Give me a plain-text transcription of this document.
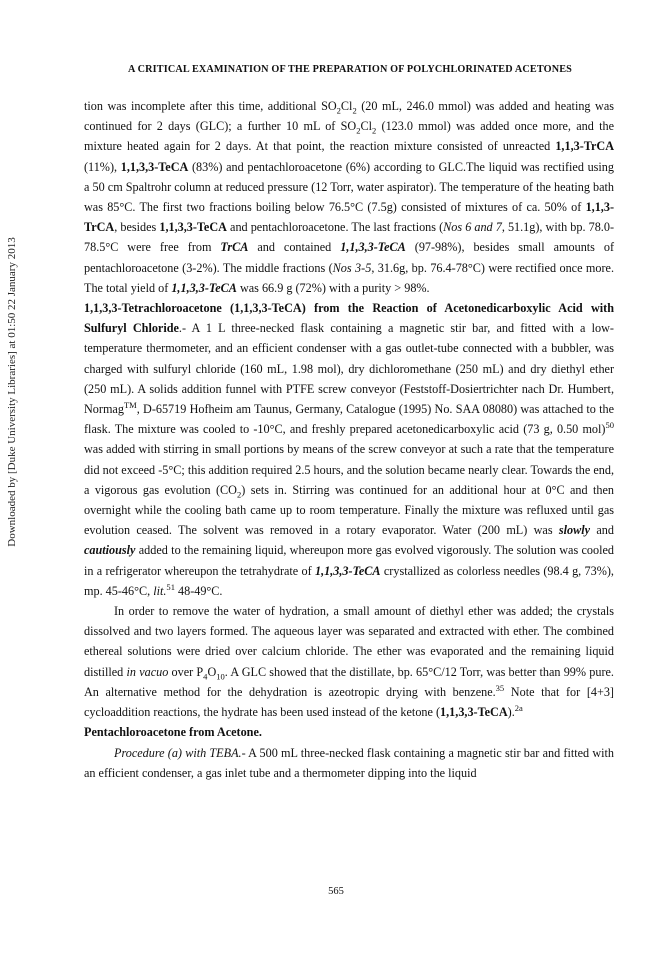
A CRITICAL EXAMINATION OF THE PREPARATION OF POLYCHLORINATED ACETONES
Downloaded by [Duke University Libraries] at 01:50 22 January 2013

tion was incomplete after this time, additional $SO_2Cl_2$ (20 mL, 246.0 mmol) was added and heating was continued for 2 days (GLC); a further 10 mL of $SO_2Cl_2$ (123.0 mmol) was added once more, and the mixture heated again for 2 days. At that point, the reaction mixture consisted of unreacted 1,1,3-TrCA (11%), 1,1,3,3-TeCA (83%) and pentachloroacetone (6%) according to GLC.The liquid was rectified using a 50 cm Spaltrohr column at reduced pressure (12 Torr, water aspirator). The temperature of the heating bath was 85°C. The first two fractions boiling below 76.5°C (7.5g) consisted of mixtures of ca. 50% of 1,1,3-TrCA, besides 1,1,3,3-TeCA and pentachloroacetone. The last fractions (Nos 6 and 7, 51.1g), with bp. 78.0-78.5°C were free from TrCA and contained 1,1,3,3-TeCA (97-98%), besides small amounts of pentachloroacetone (3-2%). The middle fractions (Nos 3-5, 31.6g, bp. 76.4-78°C) were rectified once more. The total yield of 1,1,3,3-TeCA was 66.9 g (72%) with a purity > 98%.

1,1,3,3-Tetrachloroacetone (1,1,3,3-TeCA) from the Reaction of Acetonedicarboxylic Acid with Sulfuryl Chloride.- A 1 L three-necked flask containing a magnetic stir bar, and fitted with a low-temperature thermometer, and an efficient condenser with a gas outlet-tube connected with a bubbler, was charged with sulfuryl chloride (160 mL, 1.98 mol), dry dichloromethane (250 mL) and dry diethyl ether (250 mL). A solids addition funnel with PTFE screw conveyor (Feststoff-Dosiertrichter nach Dr. Humbert, Normag™, D-65719 Hofheim am Taunus, Germany, Catalogue (1995) No. SAA 08080) was attached to the flask. The mixture was cooled to -10°C, and freshly prepared acetonedicarboxylic acid (73 g, 0.50 mol)$^{50}$ was added with stirring in small portions by means of the screw conveyor at such a rate that the temperature did not exceed -5°C; this addition required 2.5 hours, and the solution became nearly clear. Towards the end, a vigorous gas evolution $(CO_2)$ sets in. Stirring was continued for an additional hour at 0°C and then overnight while the cooling bath came up to room temperature. Finally the mixture was refluxed until gas evolution ceased. The solvent was removed in a rotary evaporator. Water (200 mL) was slowly and cautiously added to the remaining liquid, whereupon more gas evolved vigorously. The solution was cooled in a refrigerator whereupon the tetrahydrate of 1,1,3,3-TeCA crystallized as colorless needles (98.4 g, 73%), mp. 45-46°C, lit.$^{51}$ 48-49°C.

In order to remove the water of hydration, a small amount of diethyl ether was added; the crystals dissolved and two layers formed. The aqueous layer was separated and extracted with ether. The combined ethereal solutions were dried over calcium chloride. The ether was evaporated and the remaining liquid distilled in vacuo over $P_4O_{10}$. A GLC showed that the distillate, bp. 65°C/12 Torr, was better than 99% pure. An alternative method for the dehydration is azeotropic drying with benzene.$^{35}$ Note that for [4+3] cycloaddition reactions, the hydrate has been used instead of the ketone (1,1,3,3-TeCA).$^{2a}$

Pentachloroacetone from Acetone.

Procedure (a) with TEBA.- A 500 mL three-necked flask containing a magnetic stir bar and fitted with an efficient condenser, a gas inlet tube and a thermometer dipping into the liquid

565
